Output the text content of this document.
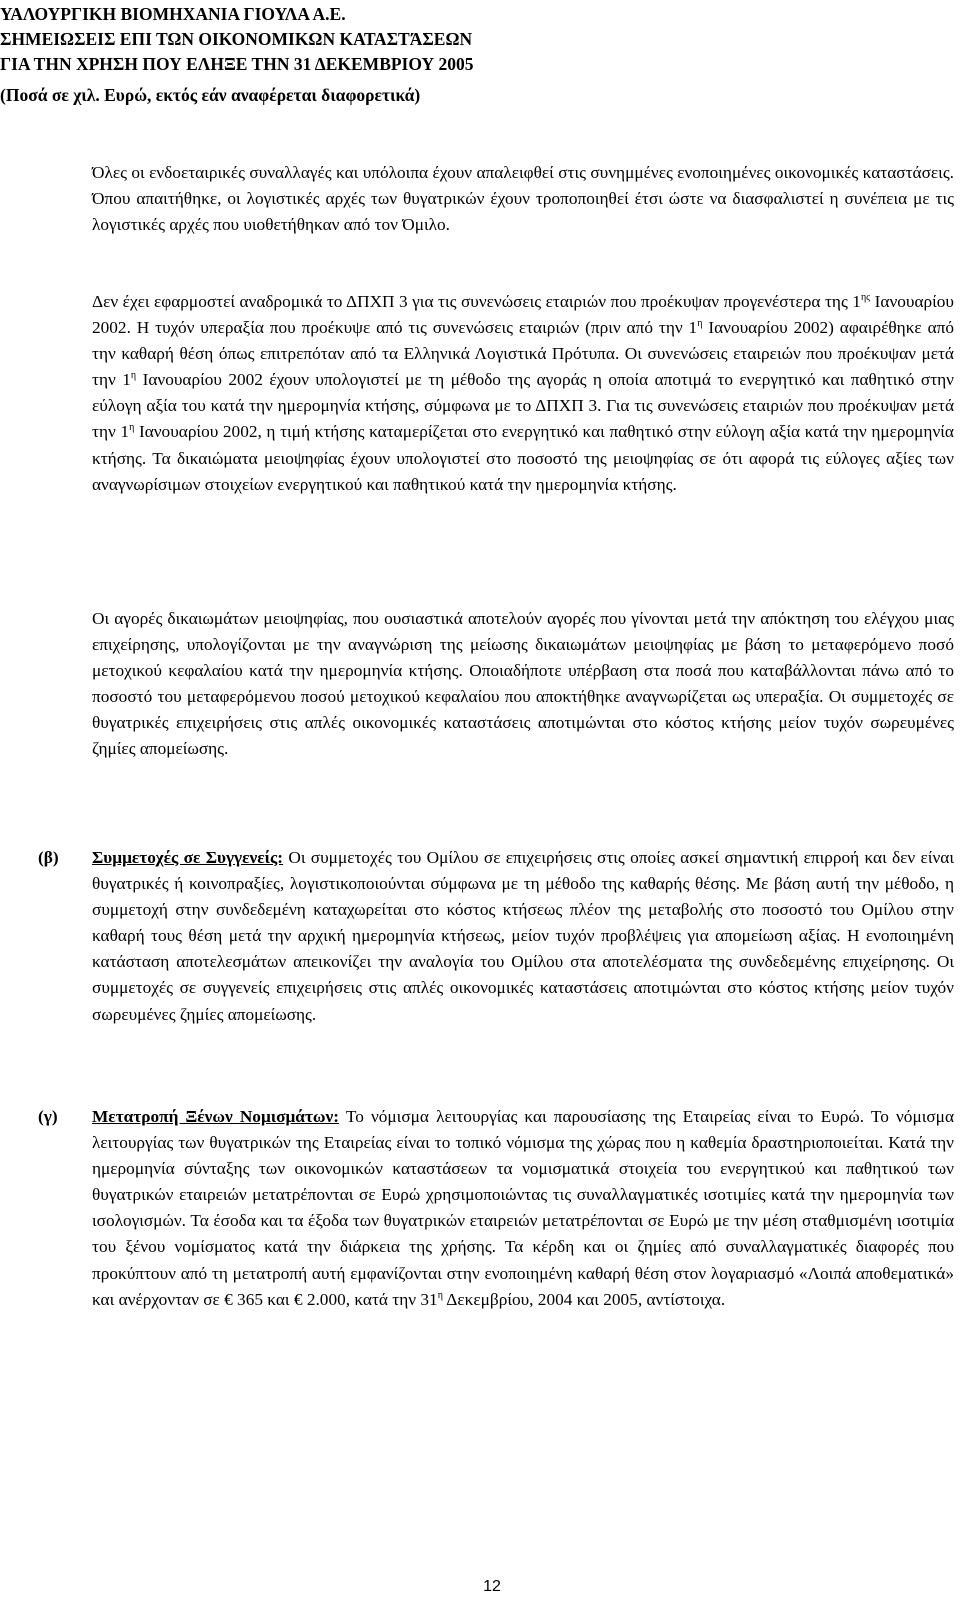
ΥΑΛΟΥΡΓΙΚΗ ΒΙΟΜΗΧΑΝΙΑ ΓΙΟΥΛΑ Α.Ε.
ΣΗΜΕΙΩΣΕΙΣ ΕΠΙ ΤΩΝ ΟΙΚΟΝΟΜΙΚΩΝ ΚΑΤΑΣΤΆΣΕΩΝ
ΓΙΑ ΤΗΝ ΧΡΗΣΗ ΠΟΥ ΕΛΗΞΕ ΤΗΝ 31 ΔΕΚΕΜΒΡΙΟΥ 2005
(Ποσά σε χιλ. Ευρώ, εκτός εάν αναφέρεται διαφορετικά)

Όλες οι ενδοεταιρικές συναλλαγές και υπόλοιπα έχουν απαλειφθεί στις συνημμένες ενοποιημένες οικονομικές καταστάσεις. Όπου απαιτήθηκε, οι λογιστικές αρχές των θυγατρικών έχουν τροποποιηθεί έτσι ώστε να διασφαλιστεί η συνέπεια με τις λογιστικές αρχές που υιοθετήθηκαν από τον Όμιλο.

Δεν έχει εφαρμοστεί αναδρομικά το ΔΠΧΠ 3 για τις συνενώσεις εταιριών που προέκυψαν προγενέστερα της $1^{\eta\varsigma}$ Ιανουαρίου 2002. Η τυχόν υπεραξία που προέκυψε από τις συνενώσεις εταιριών (πριν από την $1^\eta$ Ιανουαρίου 2002) αφαιρέθηκε από την καθαρή θέση όπως επιτρεπόταν από τα Ελληνικά Λογιστικά Πρότυπα. Οι συνενώσεις εταιρειών που προέκυψαν μετά την $1^\eta$ Ιανουαρίου 2002 έχουν υπολογιστεί με τη μέθοδο της αγοράς η οποία αποτιμά το ενεργητικό και παθητικό στην εύλογη αξία του κατά την ημερομηνία κτήσης, σύμφωνα με το ΔΠΧΠ 3. Για τις συνενώσεις εταιριών που προέκυψαν μετά την $1^\eta$ Ιανουαρίου 2002, η τιμή κτήσης καταμερίζεται στο ενεργητικό και παθητικό στην εύλογη αξία κατά την ημερομηνία κτήσης. Τα δικαιώματα μειοψηφίας έχουν υπολογιστεί στο ποσοστό της μειοψηφίας σε ότι αφορά τις εύλογες αξίες των αναγνωρίσιμων στοιχείων ενεργητικού και παθητικού κατά την ημερομηνία κτήσης.

Οι αγορές δικαιωμάτων μειοψηφίας, που ουσιαστικά αποτελούν αγορές που γίνονται μετά την απόκτηση του ελέγχου μιας επιχείρησης, υπολογίζονται με την αναγνώριση της μείωσης δικαιωμάτων μειοψηφίας με βάση το μεταφερόμενο ποσό μετοχικού κεφαλαίου κατά την ημερομηνία κτήσης. Οποιαδήποτε υπέρβαση στα ποσά που καταβάλλονται πάνω από το ποσοστό του μεταφερόμενου ποσού μετοχικού κεφαλαίου που αποκτήθηκε αναγνωρίζεται ως υπεραξία. Οι συμμετοχές σε θυγατρικές επιχειρήσεις στις απλές οικονομικές καταστάσεις αποτιμώνται στο κόστος κτήσης μείον τυχόν σωρευμένες ζημίες απομείωσης.

(β) Συμμετοχές σε Συγγενείς: Οι συμμετοχές του Ομίλου σε επιχειρήσεις στις οποίες ασκεί σημαντική επιρροή και δεν είναι θυγατρικές ή κοινοπραξίες, λογιστικοποιούνται σύμφωνα με τη μέθοδο της καθαρής θέσης. Με βάση αυτή την μέθοδο, η συμμετοχή στην συνδεδεμένη καταχωρείται στο κόστος κτήσεως πλέον της μεταβολής στο ποσοστό του Ομίλου στην καθαρή τους θέση μετά την αρχική ημερομηνία κτήσεως, μείον τυχόν προβλέψεις για απομείωση αξίας. Η ενοποιημένη κατάσταση αποτελεσμάτων απεικονίζει την αναλογία του Ομίλου στα αποτελέσματα της συνδεδεμένης επιχείρησης. Οι συμμετοχές σε συγγενείς επιχειρήσεις στις απλές οικονομικές καταστάσεις αποτιμώνται στο κόστος κτήσης μείον τυχόν σωρευμένες ζημίες απομείωσης.

(γ) Μετατροπή Ξένων Νομισμάτων: Το νόμισμα λειτουργίας και παρουσίασης της Εταιρείας είναι το Ευρώ. Το νόμισμα λειτουργίας των θυγατρικών της Εταιρείας είναι το τοπικό νόμισμα της χώρας που η καθεμία δραστηριοποιείται. Κατά την ημερομηνία σύνταξης των οικονομικών καταστάσεων τα νομισματικά στοιχεία του ενεργητικού και παθητικού των θυγατρικών εταιρειών μετατρέπονται σε Ευρώ χρησιμοποιώντας τις συναλλαγματικές ισοτιμίες κατά την ημερομηνία των ισολογισμών. Τα έσοδα και τα έξοδα των θυγατρικών εταιρειών μετατρέπονται σε Ευρώ με την μέση σταθμισμένη ισοτιμία του ξένου νομίσματος κατά την διάρκεια της χρήσης. Τα κέρδη και οι ζημίες από συναλλαγματικές διαφορές που προκύπτουν από τη μετατροπή αυτή εμφανίζονται στην ενοποιημένη καθαρή θέση στον λογαριασμό «Λοιπά αποθεματικά» και ανέρχονταν σε € 365 και € 2.000, κατά την $31^\eta$ Δεκεμβρίου, 2004 και 2005, αντίστοιχα.

12
